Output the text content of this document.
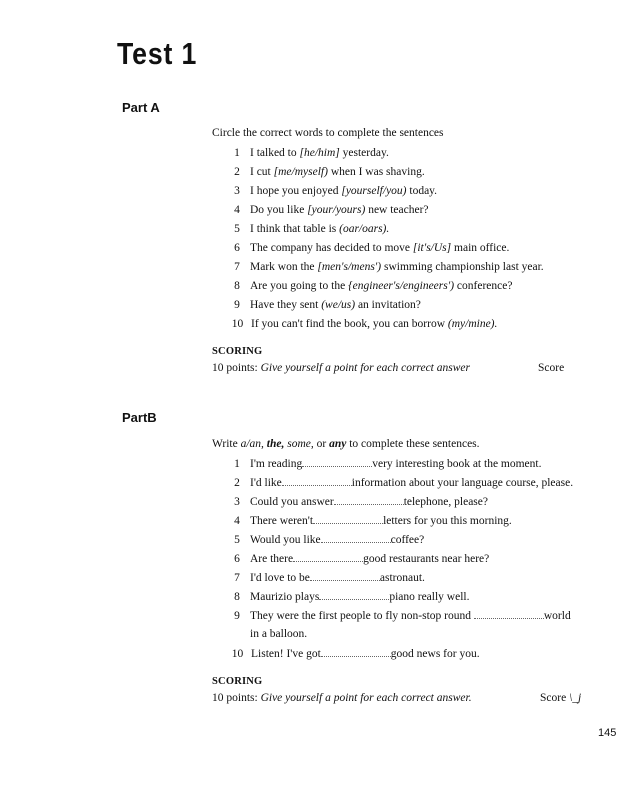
Test 1
Part A
Circle the correct words to complete the sentences
1 I talked to [he/him] yesterday.
2 I cut [me/myself) when I was shaving.
3 I hope you enjoyed [yourself/you) today.
4 Do you like [your/yours) new teacher?
5 I think that table is (oar/oars).
6 The company has decided to move [it's/Us] main office.
7 Mark won the [men's/mens') swimming championship last year.
8 Are you going to the {engineer's/engineers') conference?
9 Have they sent (we/us) an invitation?
10 If you can't find the book, you can borrow (my/mine).
SCORING
10 points: Give yourself a point for each correct answer	Score
PartB
Write a/an, the, some, or any to complete these sentences.
1 I'm reading	very interesting book at the moment.
2 I'd like	information about your language course, please.
3 Could you answer	telephone, please?
4 There weren't	letters for you this morning.
5 Would you like	coffee?
6 Are there	good restaurants near here?
7 I'd love to be	astronaut.
8 Maurizio plays	piano really well.
9 They were the first people to fly non-stop round	world
in a balloon.
10 Listen! I've got	good news for you.
SCORING
10 points: Give yourself a point for each correct answer.	Score \_j
145
